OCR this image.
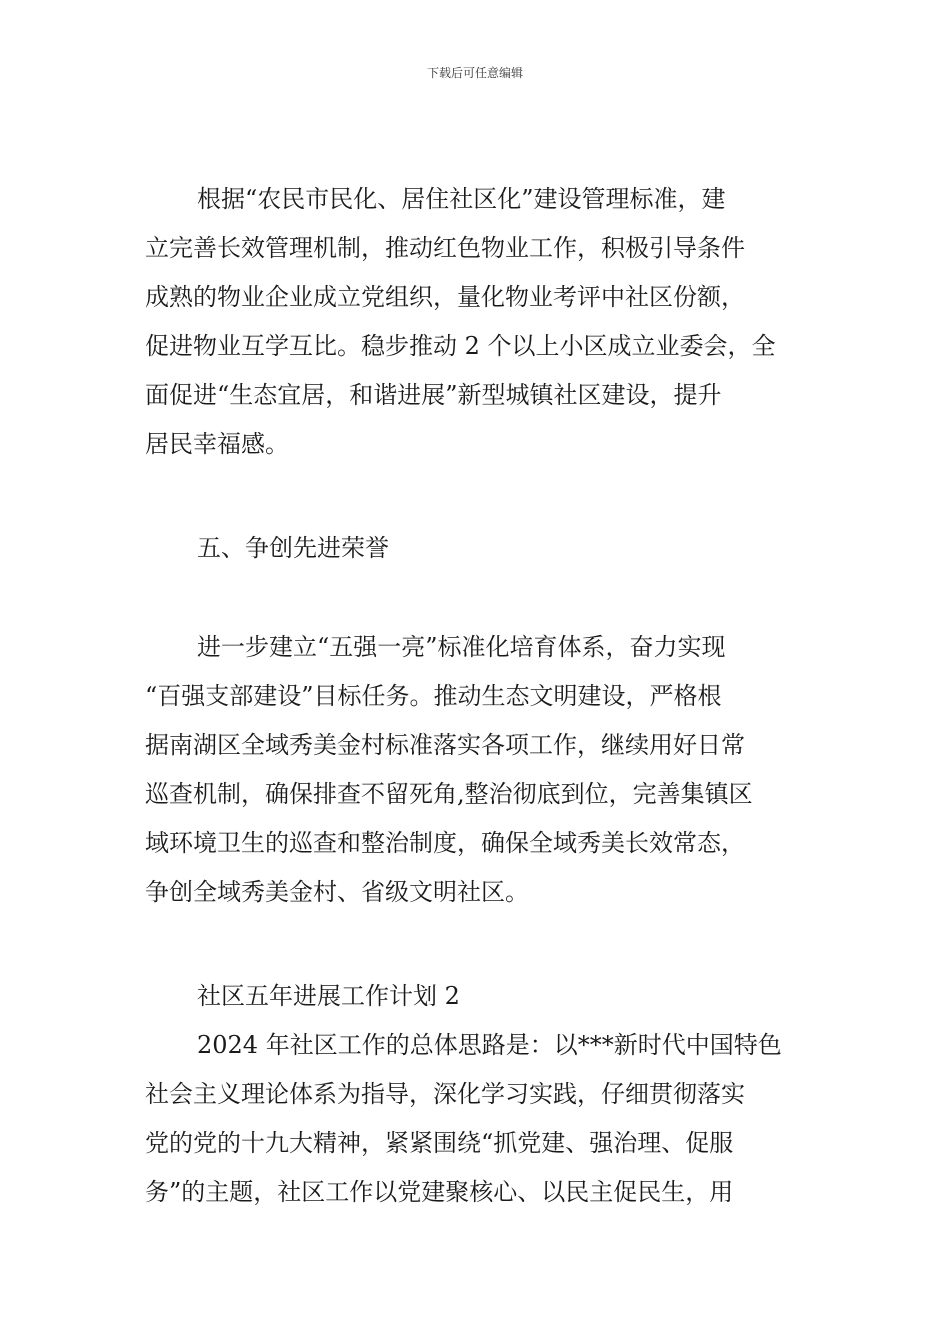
下载后可任意编辑
根据“农民市民化、居住社区化”建设管理标准，建
立完善长效管理机制，推动红色物业工作，积极引导条件
成熟的物业企业成立党组织，量化物业考评中社区份额，
促进物业互学互比。稳步推动 2 个以上小区成立业委会，全
面促进“生态宜居，和谐进展”新型城镇社区建设，提升
居民幸福感。
五、争创先进荣誉
进一步建立“五强一亮”标准化培育体系，奋力实现
“百强支部建设”目标任务。推动生态文明建设，严格根
据南湖区全域秀美金村标准落实各项工作，继续用好日常
巡查机制，确保排查不留死角,整治彻底到位，完善集镇区
域环境卫生的巡查和整治制度，确保全域秀美长效常态，
争创全域秀美金村、省级文明社区。
社区五年进展工作计划 2
2024 年社区工作的总体思路是：以***新时代中国特色
社会主义理论体系为指导，深化学习实践，仔细贯彻落实
党的党的十九大精神，紧紧围绕“抓党建、强治理、促服
务”的主题，社区工作以党建聚核心、以民主促民生，用
